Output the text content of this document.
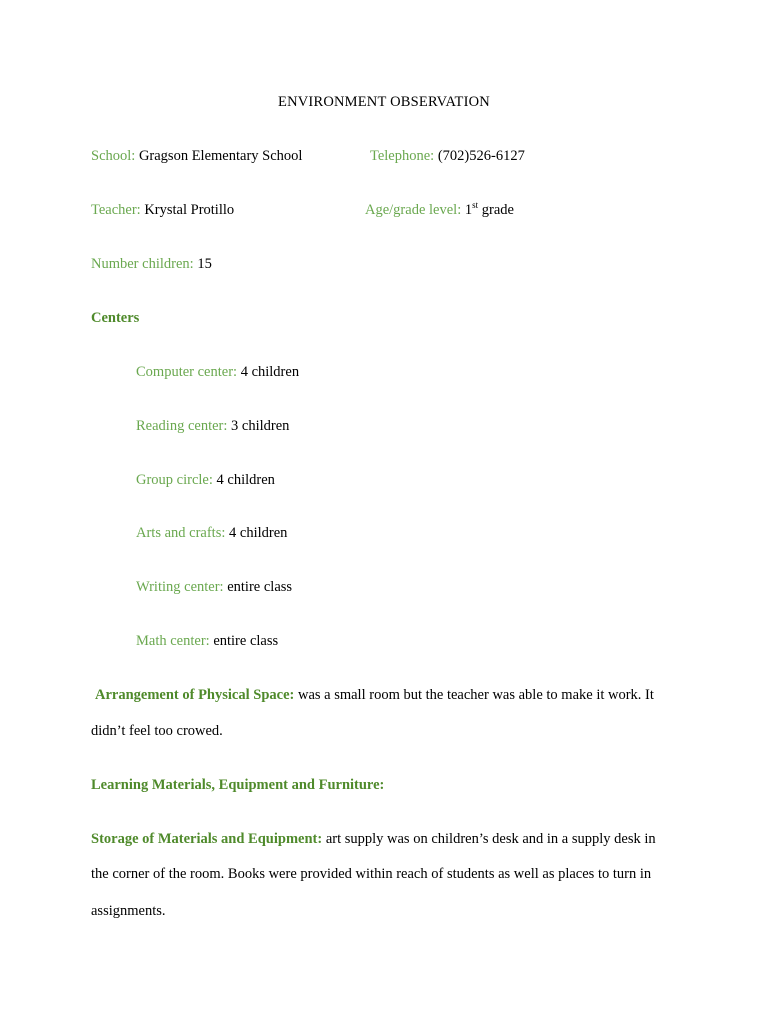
ENVIRONMENT OBSERVATION
School: Gragson Elementary School	Telephone: (702)526-6127
Teacher: Krystal Protillo	Age/grade level: 1st grade
Number children: 15
Centers
Computer center: 4 children
Reading center: 3 children
Group circle: 4 children
Arts and crafts: 4 children
Writing center: entire class
Math center: entire class
Arrangement of Physical Space: was a small room but the teacher was able to make it work. It
didn’t feel too crowed.
Learning Materials, Equipment and Furniture:
Storage of Materials and Equipment: art supply was on children’s desk and in a supply desk in
the corner of the room. Books were provided within reach of students as well as places to turn in
assignments.
